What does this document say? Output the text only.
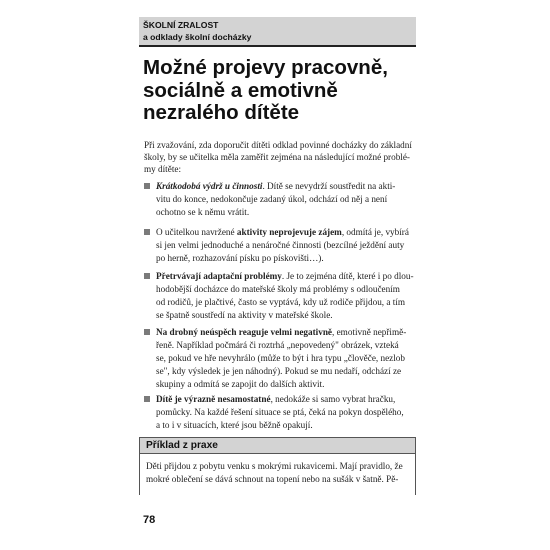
ŠKOLNÍ ZRALOST
a odklady školní docházky
Možné projevy pracovně,
sociálně a emotivně
nezralého dítěte
Při zvažování, zda doporučit dítěti odklad povinné docházky do základní
školy, by se učitelka měla zaměřit zejména na následující možné problé-
my dítěte:
Krátkodobá výdrž u činnosti. Dítě se nevydrží soustředit na akti-
vitu do konce, nedokončuje zadaný úkol, odchází od něj a není
ochotno se k němu vrátit.
O učitelkou navržené aktivity neprojevuje zájem, odmítá je, vybírá
si jen velmi jednoduché a nenáročné činnosti (bezcílné ježdění auty
po herně, rozhazování písku po pískovišti…).
Přetrvávají adaptační problémy. Je to zejména dítě, které i po dlou-
hodobější docházce do mateřské školy má problémy s odloučením
od rodičů, je plačtivé, často se vyptává, kdy už rodiče přijdou, a tím
se špatně soustředí na aktivity v mateřské škole.
Na drobný neúspěch reaguje velmi negativně, emotivně nepřimě-
řeně. Například počmárá či roztrhá „nepovedený" obrázek, vzteká
se, pokud ve hře nevyhrálo (může to být i hra typu „člověče, nezlob
se", kdy výsledek je jen náhodný). Pokud se mu nedaří, odchází ze
skupiny a odmítá se zapojit do dalších aktivit.
Dítě je výrazně nesamostatné, nedokáže si samo vybrat hračku,
pomůcky. Na každé řešení situace se ptá, čeká na pokyn dospělého,
a to i v situacích, které jsou běžně opakují.
Příklad z praxe
Děti přijdou z pobytu venku s mokrými rukavicemi. Mají pravidlo, že
mokré oblečení se dává schnout na topení nebo na sušák v šatně. Pě-
78
